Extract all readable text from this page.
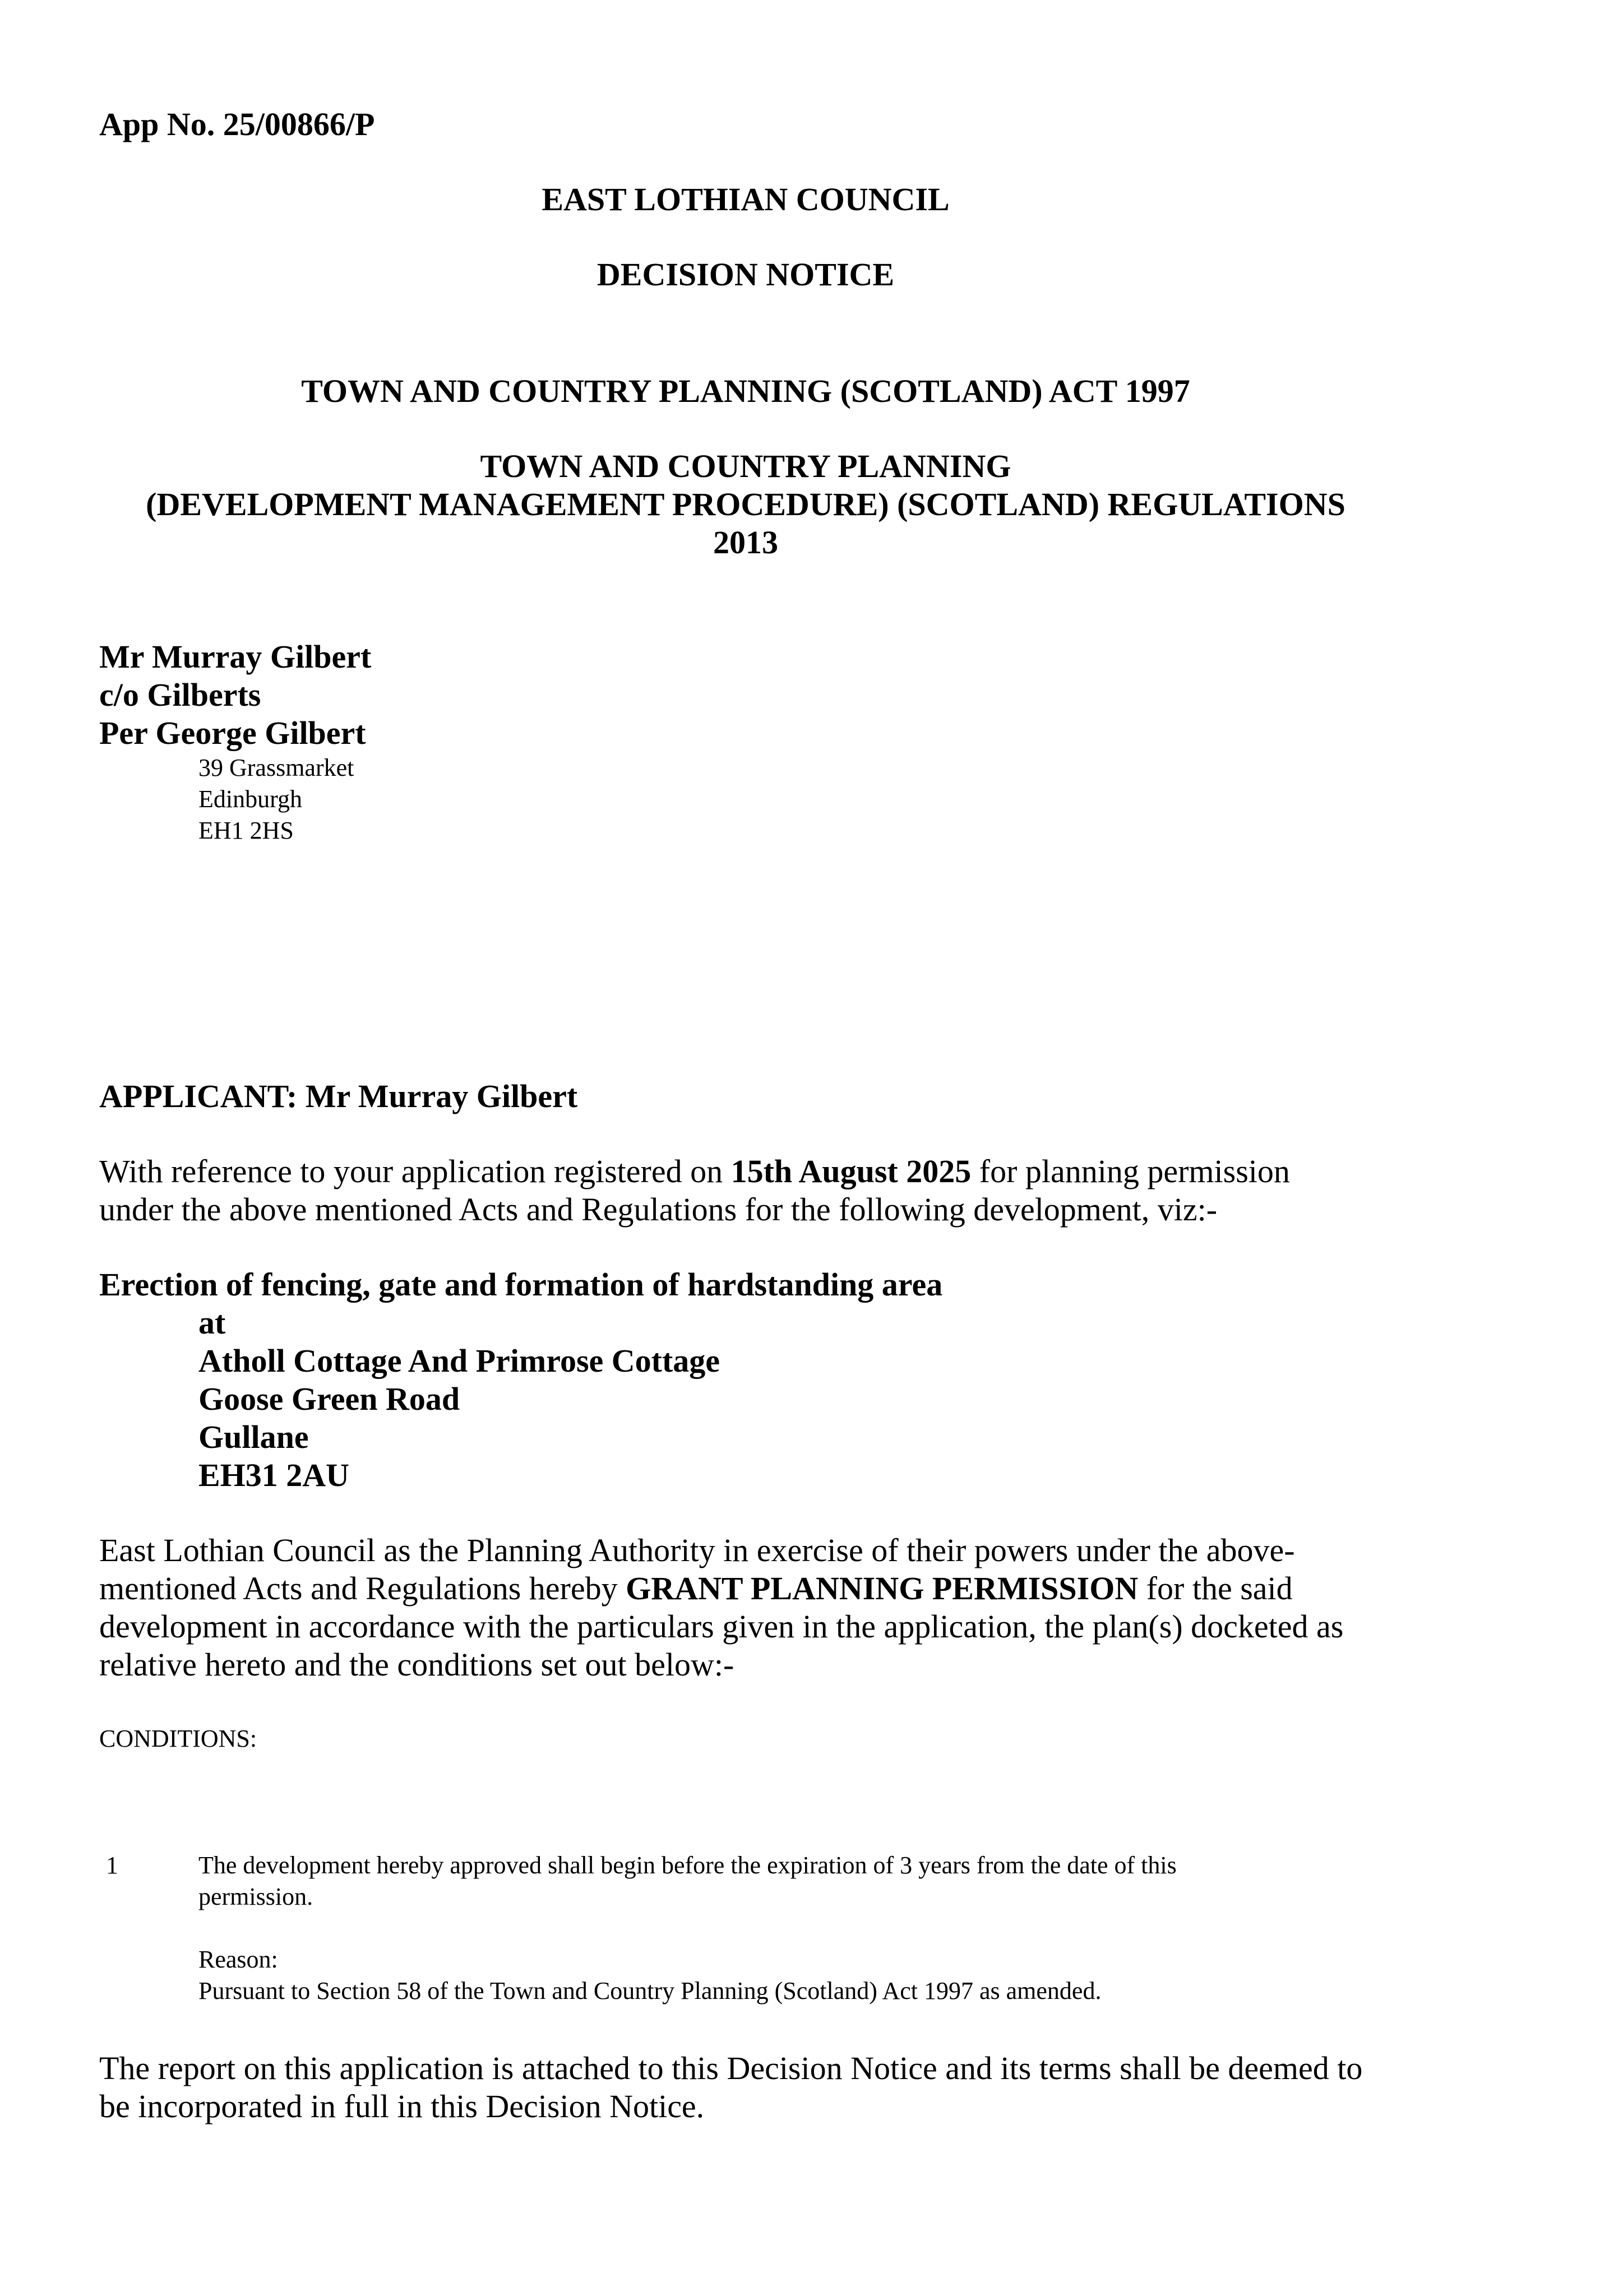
App No. 25/00866/P

EAST LOTHIAN COUNCIL

DECISION NOTICE

TOWN AND COUNTRY PLANNING (SCOTLAND) ACT 1997

TOWN AND COUNTRY PLANNING

(DEVELOPMENT MANAGEMENT PROCEDURE) (SCOTLAND) REGULATIONS

2013

Mr Murray Gilbert

c/o Gilberts

Per George Gilbert

39 Grassmarket

Edinburgh

EH1 2HS

APPLICANT: Mr Murray Gilbert

With reference to your application registered on 15th August 2025 for planning permission

under the above mentioned Acts and Regulations for the following development, viz:-

Erection of fencing, gate and formation of hardstanding area

at

Atholl Cottage And Primrose Cottage

Goose Green Road

Gullane

EH31 2AU

East Lothian Council as the Planning Authority in exercise of their powers under the above-

mentioned Acts and Regulations hereby GRANT PLANNING PERMISSION for the said

development in accordance with the particulars given in the application, the plan(s) docketed as

relative hereto and the conditions set out below:-

CONDITIONS:

1	The development hereby approved shall begin before the expiration of 3 years from the date of this

permission.

Reason:

Pursuant to Section 58 of the Town and Country Planning (Scotland) Act 1997 as amended.

The report on this application is attached to this Decision Notice and its terms shall be deemed to

be incorporated in full in this Decision Notice.
